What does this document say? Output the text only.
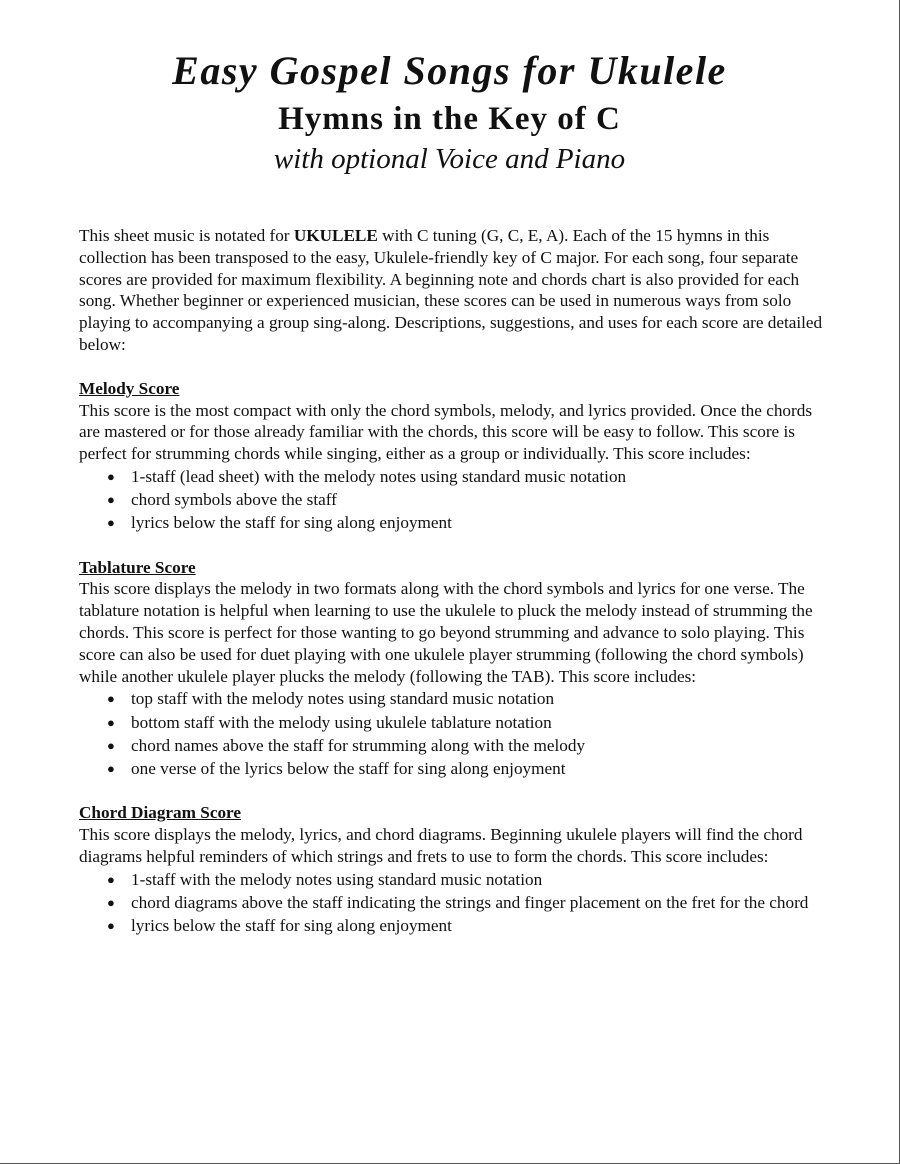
Easy Gospel Songs for Ukulele
Hymns in the Key of C
with optional Voice and Piano

This sheet music is notated for UKULELE with C tuning (G, C, E, A). Each of the 15 hymns in this collection has been transposed to the easy, Ukulele-friendly key of C major. For each song, four separate scores are provided for maximum flexibility. A beginning note and chords chart is also provided for each song. Whether beginner or experienced musician, these scores can be used in numerous ways from solo playing to accompanying a group sing-along. Descriptions, suggestions, and uses for each score are detailed below:

Melody Score

This score is the most compact with only the chord symbols, melody, and lyrics provided. Once the chords are mastered or for those already familiar with the chords, this score will be easy to follow. This score is perfect for strumming chords while singing, either as a group or individually. This score includes:

● 1-staff (lead sheet) with the melody notes using standard music notation
● chord symbols above the staff
● lyrics below the staff for sing along enjoyment

Tablature Score

This score displays the melody in two formats along with the chord symbols and lyrics for one verse. The tablature notation is helpful when learning to use the ukulele to pluck the melody instead of strumming the chords. This score is perfect for those wanting to go beyond strumming and advance to solo playing. This score can also be used for duet playing with one ukulele player strumming (following the chord symbols) while another ukulele player plucks the melody (following the TAB). This score includes:

● top staff with the melody notes using standard music notation
● bottom staff with the melody using ukulele tablature notation
● chord names above the staff for strumming along with the melody
● one verse of the lyrics below the staff for sing along enjoyment

Chord Diagram Score

This score displays the melody, lyrics, and chord diagrams. Beginning ukulele players will find the chord diagrams helpful reminders of which strings and frets to use to form the chords. This score includes:

● 1-staff with the melody notes using standard music notation
● chord diagrams above the staff indicating the strings and finger placement on the fret for the chord
● lyrics below the staff for sing along enjoyment
